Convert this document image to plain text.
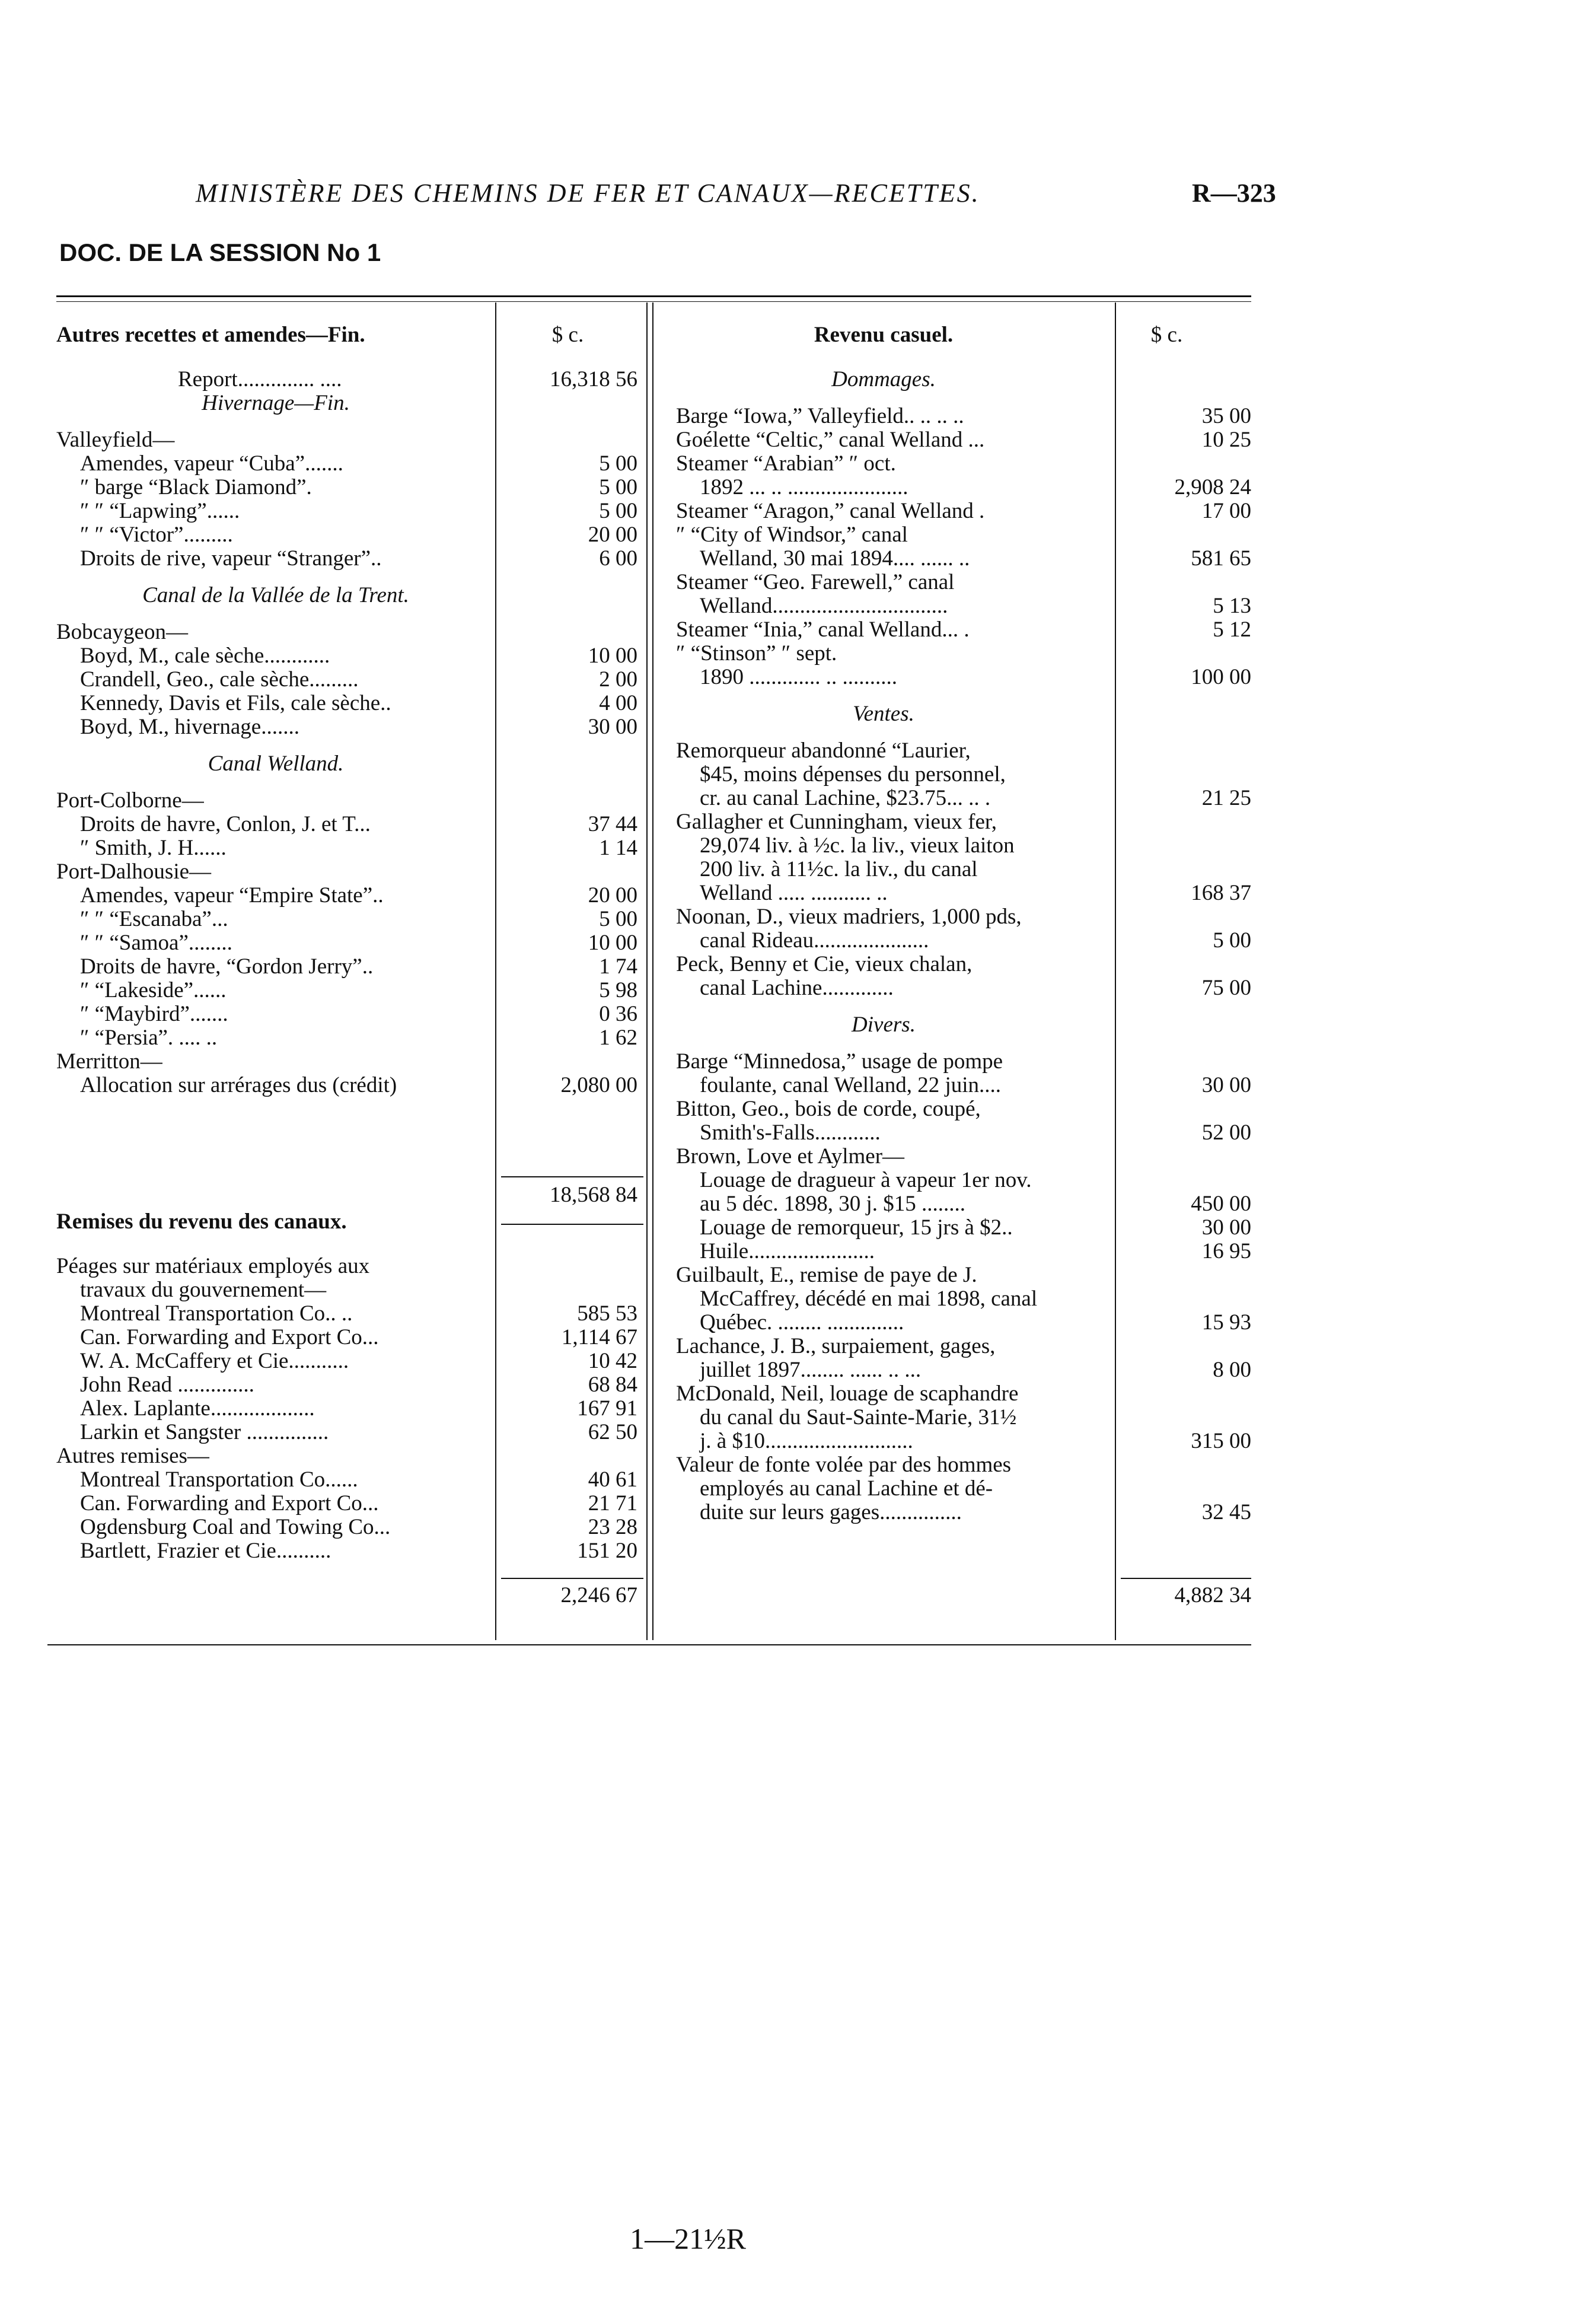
MINISTÈRE DES CHEMINS DE FER ET CANAUX—RECETTES.	R—323
DOC. DE LA SESSION No 1
Autres recettes et amendes—Fin.	$ c.
Report.............. ....	16,318 56
Hivernage—Fin.
Valleyfield—
Amendes, vapeur “Cuba”.......	5 00
″ barge “Black Diamond”.	5 00
″ ″ “Lapwing”......	5 00
″ ″ “Victor”.........	20 00
Droits de rive, vapeur “Stranger”..	6 00
Canal de la Vallée de la Trent.
Bobcaygeon—
Boyd, M., cale sèche............	10 00
Crandell, Geo., cale sèche.........	2 00
Kennedy, Davis et Fils, cale sèche..	4 00
Boyd, M., hivernage.......	30 00
Canal Welland.
Port-Colborne—
Droits de havre, Conlon, J. et T...	37 44
″ Smith, J. H......	1 14
Port-Dalhousie—
Amendes, vapeur “Empire State”..	20 00
″ ″ “Escanaba”...	5 00
″ ″ “Samoa”........	10 00
Droits de havre, “Gordon Jerry”..	1 74
″ “Lakeside”......	5 98
″ “Maybird”.......	0 36
″ “Persia”. .... ..	1 62
Merritton—
Allocation sur arrérages dus (crédit)	2,080 00
18,568 84
Remises du revenu des canaux.
Péages sur matériaux employés aux
travaux du gouvernement—
Montreal Transportation Co.. ..	585 53
Can. Forwarding and Export Co...	1,114 67
W. A. McCaffery et Cie...........	10 42
John Read ..............	68 84
Alex. Laplante...................	167 91
Larkin et Sangster ...............	62 50
Autres remises—
Montreal Transportation Co......	40 61
Can. Forwarding and Export Co...	21 71
Ogdensburg Coal and Towing Co...	23 28
Bartlett, Frazier et Cie..........	151 20
2,246 67
Revenu casuel.	$ c.
Dommages.
Barge “Iowa,” Valleyfield.. .. .. ..	35 00
Goélette “Celtic,” canal Welland ...	10 25
Steamer “Arabian” ″ oct.
1892 ... .. ......................	2,908 24
Steamer “Aragon,” canal Welland .	17 00
″ “City of Windsor,” canal
Welland, 30 mai 1894.... ...... ..	581 65
Steamer “Geo. Farewell,” canal
Welland................................	5 13
Steamer “Inia,” canal Welland... .	5 12
″ “Stinson” ″ sept.
1890 ............. .. ..........	100 00
Ventes.
Remorqueur abandonné “Laurier,
$45, moins dépenses du personnel,
cr. au canal Lachine, $23.75... .. .	21 25
Gallagher et Cunningham, vieux fer,
29,074 liv. à ½c. la liv., vieux laiton
200 liv. à 11½c. la liv., du canal
Welland ..... ........... ..	168 37
Noonan, D., vieux madriers, 1,000 pds,
canal Rideau.....................	5 00
Peck, Benny et Cie, vieux chalan,
canal Lachine.............	75 00
Divers.
Barge “Minnedosa,” usage de pompe
foulante, canal Welland, 22 juin....	30 00
Bitton, Geo., bois de corde, coupé,
Smith's-Falls............	52 00
Brown, Love et Aylmer—
Louage de dragueur à vapeur 1er nov.
au 5 déc. 1898, 30 j. $15 ........	450 00
Louage de remorqueur, 15 jrs à $2..	30 00
Huile.......................	16 95
Guilbault, E., remise de paye de J.
McCaffrey, décédé en mai 1898, canal
Québec. ........ ..............	15 93
Lachance, J. B., surpaiement, gages,
juillet 1897........ ...... .. ...	8 00
McDonald, Neil, louage de scaphandre
du canal du Saut-Sainte-Marie, 31½
j. à $10...........................	315 00
Valeur de fonte volée par des hommes
employés au canal Lachine et dé-
duite sur leurs gages...............	32 45
4,882 34
1—21½R
